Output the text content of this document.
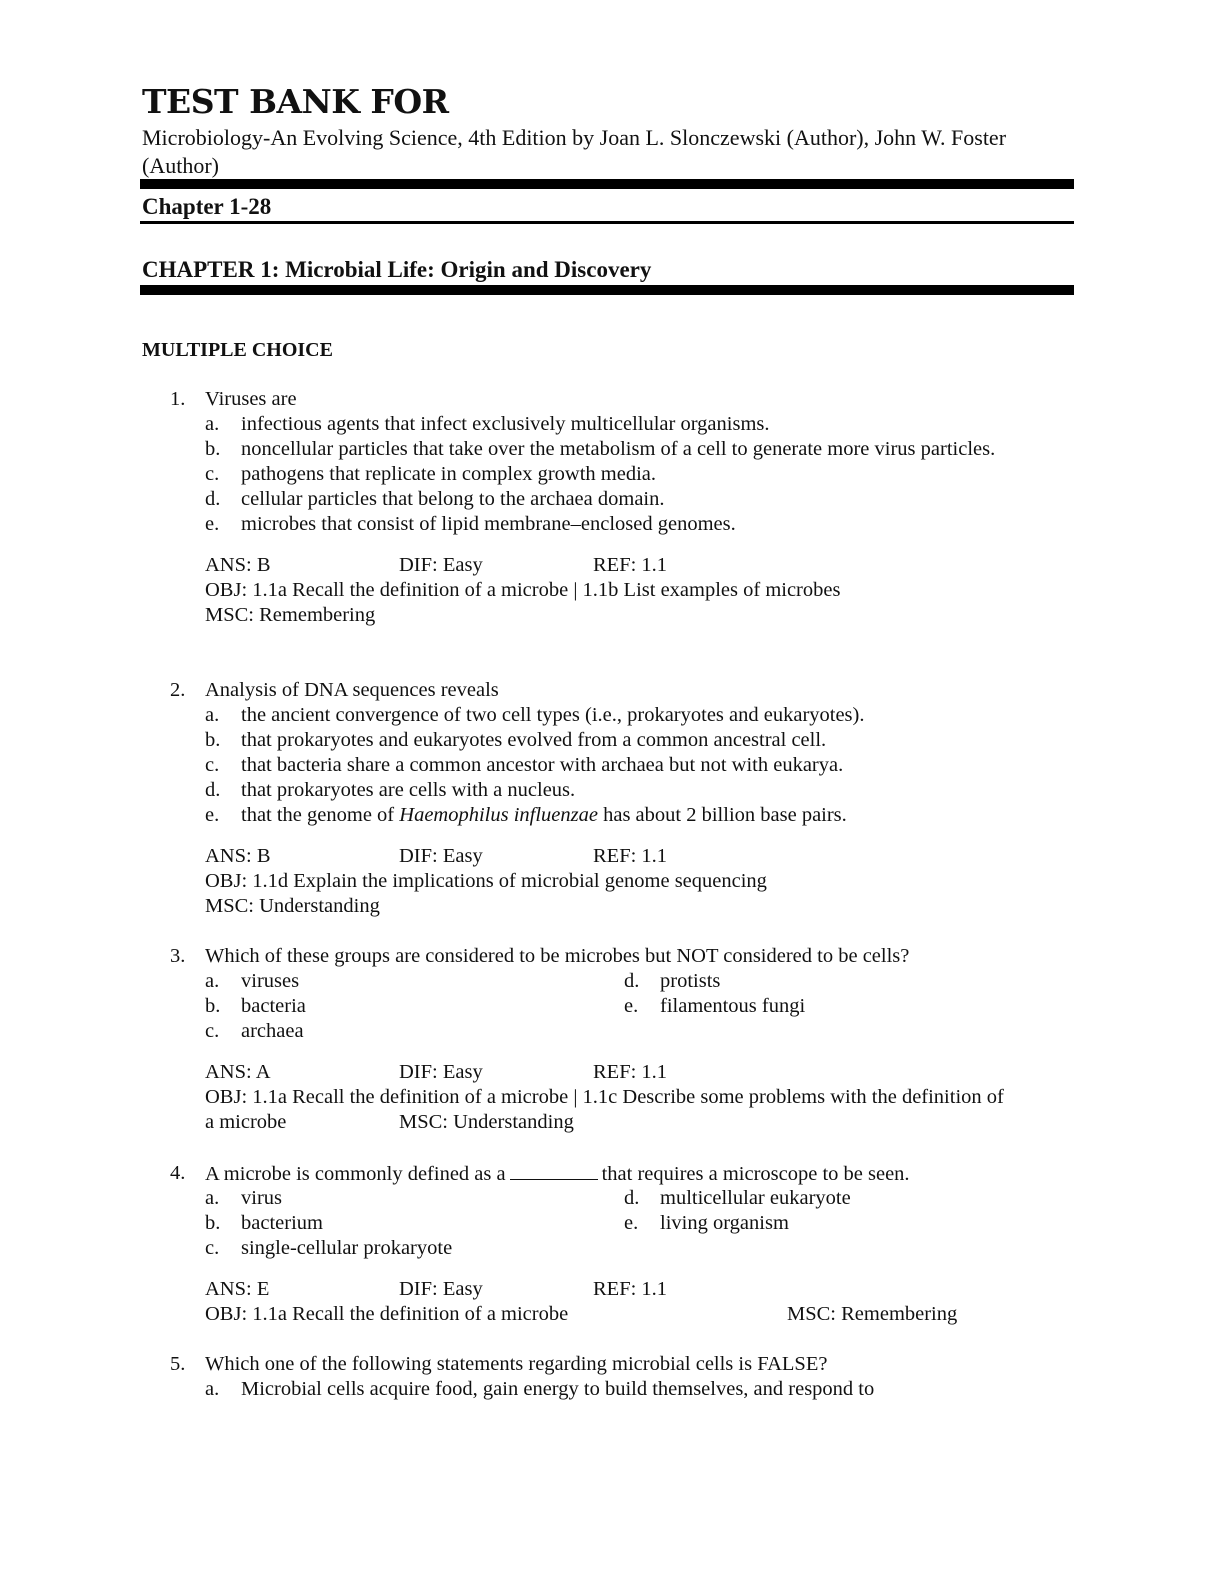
TEST BANK FOR
Microbiology-An Evolving Science, 4th Edition by Joan L. Slonczewski (Author), John W. Foster (Author)
Chapter 1-28
CHAPTER 1: Microbial Life: Origin and Discovery
MULTIPLE CHOICE
1. Viruses are
a.	infectious agents that infect exclusively multicellular organisms.
b.	noncellular particles that take over the metabolism of a cell to generate more virus particles.
c.	pathogens that replicate in complex growth media.
d.	cellular particles that belong to the archaea domain.
e.	microbes that consist of lipid membrane–enclosed genomes.
ANS: B	DIF: Easy	REF: 1.1
OBJ: 1.1a Recall the definition of a microbe | 1.1b List examples of microbes
MSC: Remembering
2. Analysis of DNA sequences reveals
a.	the ancient convergence of two cell types (i.e., prokaryotes and eukaryotes).
b.	that prokaryotes and eukaryotes evolved from a common ancestral cell.
c.	that bacteria share a common ancestor with archaea but not with eukarya.
d.	that prokaryotes are cells with a nucleus.
e.	that the genome of Haemophilus influenzae has about 2 billion base pairs.
ANS: B	DIF: Easy	REF: 1.1
OBJ: 1.1d Explain the implications of microbial genome sequencing
MSC: Understanding
3. Which of these groups are considered to be microbes but NOT considered to be cells?
a. viruses	d. protists
b. bacteria	e. filamentous fungi
c. archaea
ANS: A	DIF: Easy	REF: 1.1
OBJ: 1.1a Recall the definition of a microbe | 1.1c Describe some problems with the definition of
a microbe	MSC: Understanding
4. A microbe is commonly defined as a	that requires a microscope to be seen.
a. virus	d. multicellular eukaryote
b. bacterium	e. living organism
c. single-cellular prokaryote
ANS: E	DIF: Easy	REF: 1.1
OBJ: 1.1a Recall the definition of a microbe	MSC: Remembering
5. Which one of the following statements regarding microbial cells is FALSE?
a.	Microbial cells acquire food, gain energy to build themselves, and respond to
